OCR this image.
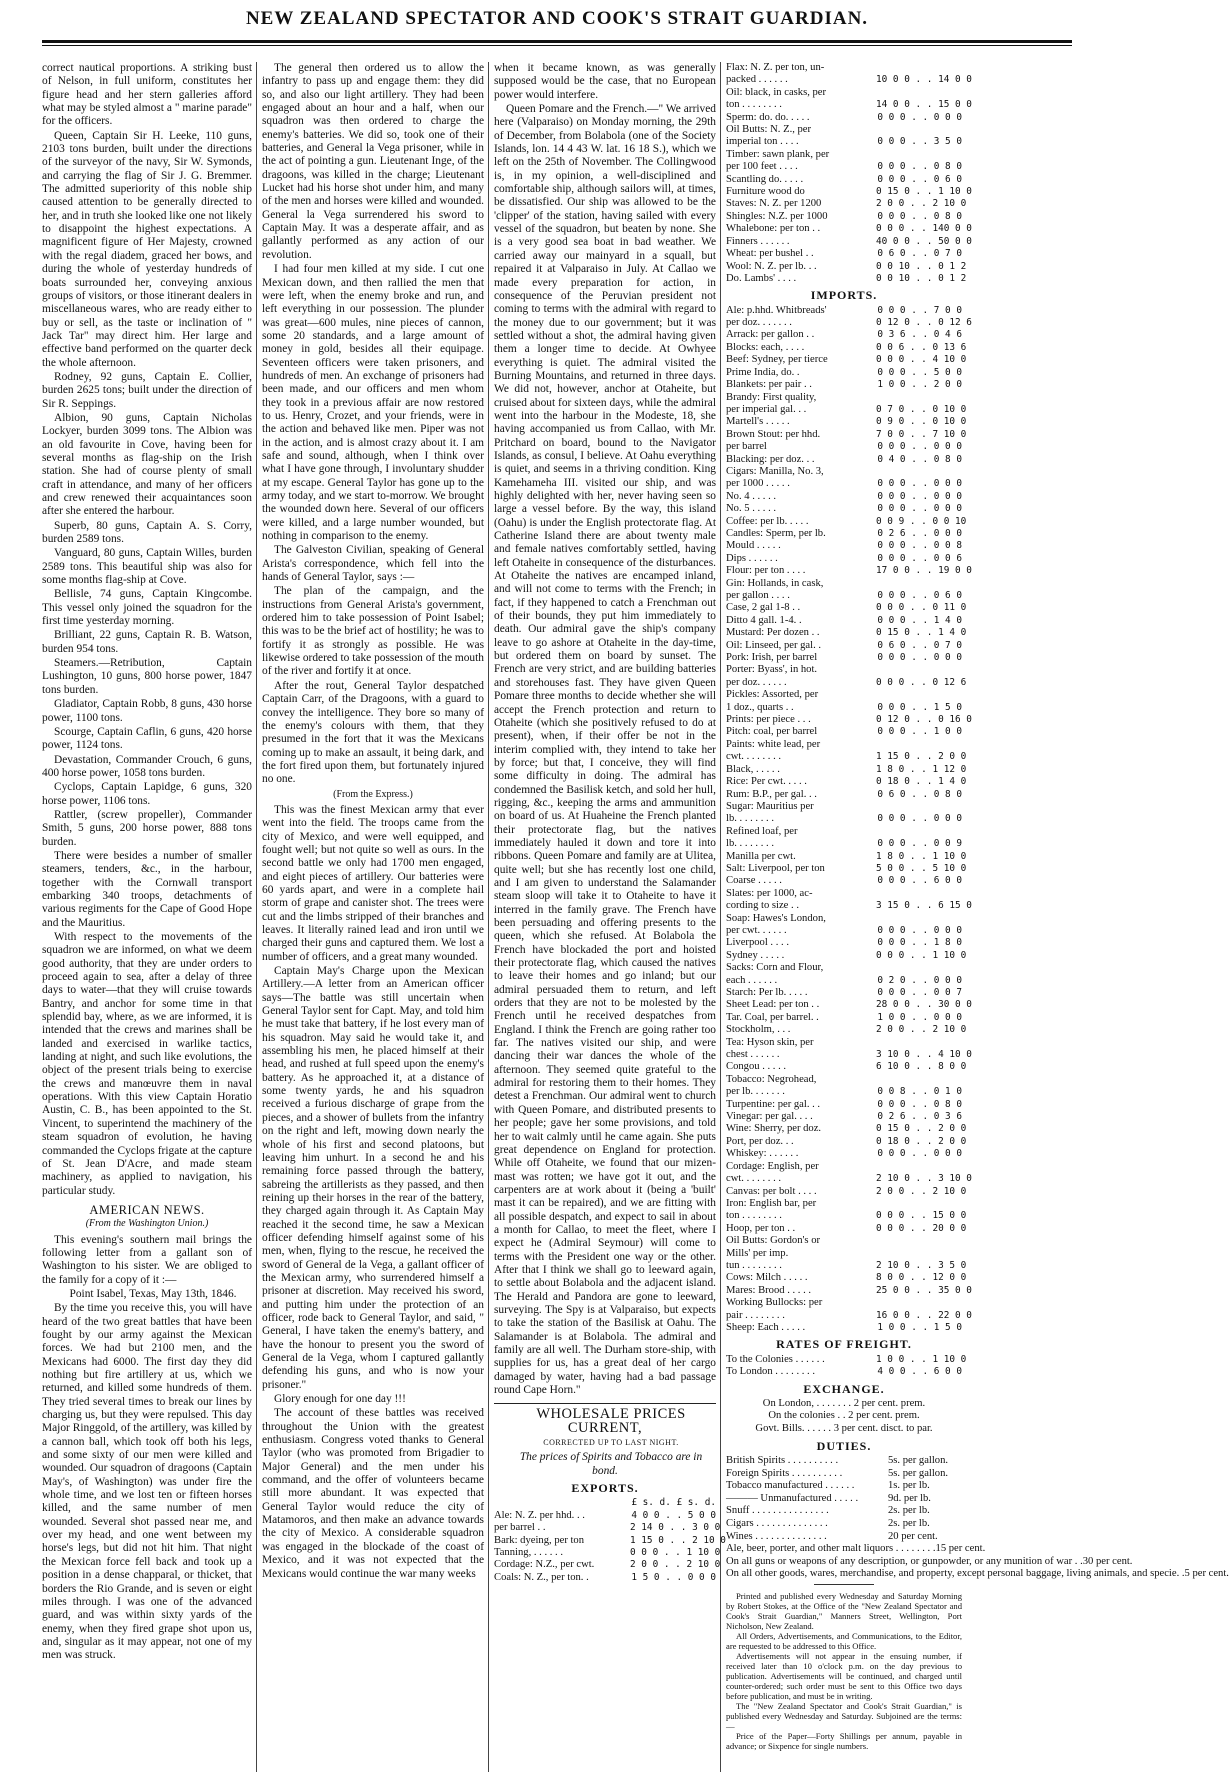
NEW ZEALAND SPECTATOR AND COOK'S STRAIT GUARDIAN.

correct nautical proportions. A striking bust of Nelson, in full uniform, constitutes her figure head and her stern galleries afford what may be styled almost a " marine parade" for the officers.

Queen, Captain Sir H. Leeke, 110 guns, 2103 tons burden, built under the directions of the surveyor of the navy, Sir W. Symonds, and carrying the flag of Sir J. G. Bremmer. The admitted superiority of this noble ship caused attention to be generally directed to her, and in truth she looked like one not likely to disappoint the highest expectations. A magnificent figure of Her Majesty, crowned with the regal diadem, graced her bows, and during the whole of yesterday hundreds of boats surrounded her, conveying anxious groups of visitors, or those itinerant dealers in miscellaneous wares, who are ready either to buy or sell, as the taste or inclination of " Jack Tar" may direct him. Her large and effective band performed on the quarter deck the whole afternoon.

Rodney, 92 guns, Captain E. Collier, burden 2625 tons; built under the direction of Sir R. Seppings.

Albion, 90 guns, Captain Nicholas Lockyer, burden 3099 tons. The Albion was an old favourite in Cove, having been for several months as flag-ship on the Irish station. She had of course plenty of small craft in attendance, and many of her officers and crew renewed their acquaintances soon after she entered the harbour.

Superb, 80 guns, Captain A. S. Corry, burden 2589 tons.

Vanguard, 80 guns, Captain Willes, burden 2589 tons. This beautiful ship was also for some months flag-ship at Cove.

Bellisle, 74 guns, Captain Kingcombe. This vessel only joined the squadron for the first time yesterday morning.

Brilliant, 22 guns, Captain R. B. Watson, burden 954 tons.

Steamers.—Retribution, Captain Lushington, 10 guns, 800 horse power, 1847 tons burden.

Gladiator, Captain Robb, 8 guns, 430 horse power, 1100 tons.

Scourge, Captain Caflin, 6 guns, 420 horse power, 1124 tons.

Devastation, Commander Crouch, 6 guns, 400 horse power, 1058 tons burden.

Cyclops, Captain Lapidge, 6 guns, 320 horse power, 1106 tons.

Rattler, (screw propeller), Commander Smith, 5 guns, 200 horse power, 888 tons burden.

There were besides a number of smaller steamers, tenders, &c., in the harbour, together with the Cornwall transport embarking 340 troops, detachments of various regiments for the Cape of Good Hope and the Mauritius.

With respect to the movements of the squadron we are informed, on what we deem good authority, that they are under orders to proceed again to sea, after a delay of three days to water—that they will cruise towards Bantry, and anchor for some time in that splendid bay, where, as we are informed, it is intended that the crews and marines shall be landed and exercised in warlike tactics, landing at night, and such like evolutions, the object of the present trials being to exercise the crews and manœuvre them in naval operations. With this view Captain Horatio Austin, C. B., has been appointed to the St. Vincent, to superintend the machinery of the steam squadron of evolution, he having commanded the Cyclops frigate at the capture of St. Jean D'Acre, and made steam machinery, as applied to navigation, his particular study.

AMERICAN NEWS.
(From the Washington Union.)

This evening's southern mail brings the following letter from a gallant son of Washington to his sister. We are obliged to the family for a copy of it :—

Point Isabel, Texas, May 13th, 1846.

By the time you receive this, you will have heard of the two great battles that have been fought by our army against the Mexican forces. We had but 2100 men, and the Mexicans had 6000. The first day they did nothing but fire artillery at us, which we returned, and killed some hundreds of them. They tried several times to break our lines by charging us, but they were repulsed. This day Major Ringgold, of the artillery, was killed by a cannon ball, which took off both his legs, and some sixty of our men were killed and wounded. Our squadron of dragoons (Captain May's, of Washington) was under fire the whole time, and we lost ten or fifteen horses killed, and the same number of men wounded. Several shot passed near me, and over my head, and one went between my horse's legs, but did not hit him. That night the Mexican force fell back and took up a position in a dense chapparal, or thicket, that borders the Rio Grande, and is seven or eight miles through. I was one of the advanced guard, and was within sixty yards of the enemy, when they fired grape shot upon us, and, singular as it may appear, not one of my men was struck.

The general then ordered us to allow the infantry to pass up and engage them: they did so, and also our light artillery. They had been engaged about an hour and a half, when our squadron was then ordered to charge the enemy's batteries. We did so, took one of their batteries, and General la Vega prisoner, while in the act of pointing a gun. Lieutenant Inge, of the dragoons, was killed in the charge; Lieutenant Lucket had his horse shot under him, and many of the men and horses were killed and wounded. General la Vega surrendered his sword to Captain May. It was a desperate affair, and as gallantly performed as any action of our revolution.

I had four men killed at my side. I cut one Mexican down, and then rallied the men that were left, when the enemy broke and run, and left everything in our possession. The plunder was great—600 mules, nine pieces of cannon, some 20 standards, and a large amount of money in gold, besides all their equipage. Seventeen officers were taken prisoners, and hundreds of men. An exchange of prisoners had been made, and our officers and men whom they took in a previous affair are now restored to us. Henry, Crozet, and your friends, were in the action and behaved like men. Piper was not in the action, and is almost crazy about it. I am safe and sound, although, when I think over what I have gone through, I involuntary shudder at my escape. General Taylor has gone up to the army today, and we start to-morrow. We brought the wounded down here. Several of our officers were killed, and a large number wounded, but nothing in comparison to the enemy.

The Galveston Civilian, speaking of General Arista's correspondence, which fell into the hands of General Taylor, says :—

The plan of the campaign, and the instructions from General Arista's government, ordered him to take possession of Point Isabel; this was to be the brief act of hostility; he was to fortify it as strongly as possible. He was likewise ordered to take possession of the mouth of the river and fortify it at once.

After the rout, General Taylor despatched Captain Carr, of the Dragoons, with a guard to convey the intelligence. They bore so many of the enemy's colours with them, that they presumed in the fort that it was the Mexicans coming up to make an assault, it being dark, and the fort fired upon them, but fortunately injured no one.

(From the Express.)

This was the finest Mexican army that ever went into the field. The troops came from the city of Mexico, and were well equipped, and fought well; but not quite so well as ours. In the second battle we only had 1700 men engaged, and eight pieces of artillery. Our batteries were 60 yards apart, and were in a complete hail storm of grape and canister shot. The trees were cut and the limbs stripped of their branches and leaves. It literally rained lead and iron until we charged their guns and captured them. We lost a number of officers, and a great many wounded.

Captain May's Charge upon the Mexican Artillery.—A letter from an American officer says—The battle was still uncertain when General Taylor sent for Capt. May, and told him he must take that battery, if he lost every man of his squadron. May said he would take it, and assembling his men, he placed himself at their head, and rushed at full speed upon the enemy's battery. As he approached it, at a distance of some twenty yards, he and his squadron received a furious discharge of grape from the pieces, and a shower of bullets from the infantry on the right and left, mowing down nearly the whole of his first and second platoons, but leaving him unhurt. In a second he and his remaining force passed through the battery, sabreing the artillerists as they passed, and then reining up their horses in the rear of the battery, they charged again through it. As Captain May reached it the second time, he saw a Mexican officer defending himself against some of his men, when, flying to the rescue, he received the sword of General de la Vega, a gallant officer of the Mexican army, who surrendered himself a prisoner at discretion. May received his sword, and putting him under the protection of an officer, rode back to General Taylor, and said, " General, I have taken the enemy's battery, and have the honour to present you the sword of General de la Vega, whom I captured gallantly defending his guns, and who is now your prisoner."

Glory enough for one day !!!

The account of these battles was received throughout the Union with the greatest enthusiasm. Congress voted thanks to General Taylor (who was promoted from Brigadier to Major General) and the men under his command, and the offer of volunteers became still more abundant. It was expected that General Taylor would reduce the city of Matamoros, and then make an advance towards the city of Mexico. A considerable squadron was engaged in the blockade of the coast of Mexico, and it was not expected that the Mexicans would continue the war many weeks

when it became known, as was generally supposed would be the case, that no European power would interfere.

Queen Pomare and the French.—" We arrived here (Valparaiso) on Monday morning, the 29th of December, from Bolabola (one of the Society Islands, lon. 14 4 43 W. lat. 16 18 S.), which we left on the 25th of November. The Collingwood is, in my opinion, a well-disciplined and comfortable ship, although sailors will, at times, be dissatisfied. Our ship was allowed to be the 'clipper' of the station, having sailed with every vessel of the squadron, but beaten by none. She is a very good sea boat in bad weather. We carried away our mainyard in a squall, but repaired it at Valparaiso in July. At Callao we made every preparation for action, in consequence of the Peruvian president not coming to terms with the admiral with regard to the money due to our government; but it was settled without a shot, the admiral having given them a longer time to decide. At Owhyee everything is quiet. The admiral visited the Burning Mountains, and returned in three days. We did not, however, anchor at Otaheite, but cruised about for sixteen days, while the admiral went into the harbour in the Modeste, 18, she having accompanied us from Callao, with Mr. Pritchard on board, bound to the Navigator Islands, as consul, I believe. At Oahu everything is quiet, and seems in a thriving condition. King Kamehameha III. visited our ship, and was highly delighted with her, never having seen so large a vessel before. By the way, this island (Oahu) is under the English protectorate flag. At Catherine Island there are about twenty male and female natives comfortably settled, having left Otaheite in consequence of the disturbances. At Otaheite the natives are encamped inland, and will not come to terms with the French; in fact, if they happened to catch a Frenchman out of their bounds, they put him immediately to death. Our admiral gave the ship's company leave to go ashore at Otaheite in the day-time, but ordered them on board by sunset. The French are very strict, and are building batteries and storehouses fast. They have given Queen Pomare three months to decide whether she will accept the French protection and return to Otaheite (which she positively refused to do at present), when, if their offer be not in the interim complied with, they intend to take her by force; but that, I conceive, they will find some difficulty in doing. The admiral has condemned the Basilisk ketch, and sold her hull, rigging, &c., keeping the arms and ammunition on board of us. At Huaheine the French planted their protectorate flag, but the natives immediately hauled it down and tore it into ribbons. Queen Pomare and family are at Ulitea, quite well; but she has recently lost one child, and I am given to understand the Salamander steam sloop will take it to Otaheite to have it interred in the family grave. The French have been persuading and offering presents to the queen, which she refused. At Bolabola the French have blockaded the port and hoisted their protectorate flag, which caused the natives to leave their homes and go inland; but our admiral persuaded them to return, and left orders that they are not to be molested by the French until he received despatches from England. I think the French are going rather too far. The natives visited our ship, and were dancing their war dances the whole of the afternoon. They seemed quite grateful to the admiral for restoring them to their homes. They detest a Frenchman. Our admiral went to church with Queen Pomare, and distributed presents to her people; gave her some provisions, and told her to wait calmly until he came again. She puts great dependence on England for protection. While off Otaheite, we found that our mizen-mast was rotten; we have got it out, and the carpenters are at work about it (being a 'built' mast it can be repaired), and we are fitting with all possible despatch, and expect to sail in about a month for Callao, to meet the fleet, where I expect he (Admiral Seymour) will come to terms with the President one way or the other. After that I think we shall go to leeward again, to settle about Bolabola and the adjacent island. The Herald and Pandora are gone to leeward, surveying. The Spy is at Valparaiso, but expects to take the station of the Basilisk at Oahu. The Salamander is at Bolabola. The admiral and family are all well. The Durham store-ship, with supplies for us, has a great deal of her cargo damaged by water, having had a bad passage round Cape Horn."

WHOLESALE PRICES CURRENT,

CORRECTED UP TO LAST NIGHT.

The prices of Spirits and Tobacco are in bond.

EXPORTS.
£ s. d. £ s. d.
Ale: N. Z. per hhd. . .	4 0 0 . . 5 0 0
per barrel . .	2 14 0 . . 3 0 0
Bark: dyeing, per ton	1 15 0 . . 2 10 0
Tanning, . . . . . .	0 0 0 . . 1 10 0
Cordage: N.Z., per cwt.	2 0 0 . . 2 10 0
Coals: N. Z., per ton. .	1 5 0 . . 0 0 0
Flax: N. Z. per ton, un-
packed . . . . . .	10 0 0 . . 14 0 0
Oil: black, in casks, per
ton . . . . . . . .	14 0 0 . . 15 0 0
Sperm: do. do. . . . .	0 0 0 . . 0 0 0
Oil Butts: N. Z., per
imperial ton . . . .	0 0 0 . . 3 5 0
Timber: sawn plank, per
per 100 feet . . . .	0 0 0 . . 0 8 0
Scantling do. . . . .	0 0 0 . . 0 6 0
Furniture wood do	0 15 0 . . 1 10 0
Staves: N. Z. per 1200	2 0 0 . . 2 10 0
Shingles: N.Z. per 1000	0 0 0 . . 0 8 0
Whalebone: per ton . .	0 0 0 . . 140 0 0
Finners . . . . . .	40 0 0 . . 50 0 0
Wheat: per bushel . .	0 6 0 . . 0 7 0
Wool: N. Z. per lb. . .	0 0 10 . . 0 1 2
Do. Lambs' . . . .	0 0 10 . . 0 1 2
IMPORTS.
Ale: p.hhd. Whitbreads'	0 0 0 . . 7 0 0
per doz. . . . . . .	0 12 0 . . 0 12 6
Arrack: per gallon . .	0 3 6 . . 0 4 6
Blocks: each, . . . .	0 0 6 . . 0 13 6
Beef: Sydney, per tierce	0 0 0 . . 4 10 0
Prime India, do. .	0 0 0 . . 5 0 0
Blankets: per pair . .	1 0 0 . . 2 0 0
Brandy: First quality,
per imperial gal. . .	0 7 0 . . 0 10 0
Martell's . . . . .	0 9 0 . . 0 10 0
Brown Stout: per hhd.	7 0 0 . . 7 10 0
per barrel	0 0 0 . . 0 0 0
Blacking: per doz. . .	0 4 0 . . 0 8 0
Cigars: Manilla, No. 3,
per 1000 . . . . .	0 0 0 . . 0 0 0
No. 4 . . . . .	0 0 0 . . 0 0 0
No. 5 . . . . .	0 0 0 . . 0 0 0
Coffee: per lb. . . . .	0 0 9 . . 0 0 10
Candles: Sperm, per lb.	0 2 6 . . 0 0 0
Mould . . . . .	0 0 0 . . 0 0 8
Dips . . . . . .	0 0 0 . . 0 0 6
Flour: per ton . . . .	17 0 0 . . 19 0 0
Gin: Hollands, in cask,
per gallon . . . .	0 0 0 . . 0 6 0
Case, 2 gal 1-8 . .	0 0 0 . . 0 11 0
Ditto 4 gall. 1-4. .	0 0 0 . . 1 4 0
Mustard: Per dozen . .	0 15 0 . . 1 4 0
Oil: Linseed, per gal. .	0 6 0 . . 0 7 0
Pork: Irish, per barrel	0 0 0 . . 0 0 0
Porter: Byass', in hot.
per doz. . . . . .	0 0 0 . . 0 12 6
Pickles: Assorted, per
1 doz., quarts . .	0 0 0 . . 1 5 0
Prints: per piece . . .	0 12 0 . . 0 16 0
Pitch: coal, per barrel	0 0 0 . . 1 0 0
Paints: white lead, per
cwt. . . . . . . .	1 15 0 . . 2 0 0
Black, . . . . .	1 8 0 . . 1 12 0
Rice: Per cwt. . . . .	0 18 0 . . 1 4 0
Rum: B.P., per gal. . .	0 6 0 . . 0 8 0
Sugar: Mauritius per
lb. . . . . . . .	0 0 0 . . 0 0 0
Refined loaf, per
lb. . . . . . . .	0 0 0 . . 0 0 9
Manilla per cwt.	1 8 0 . . 1 10 0
Salt: Liverpool, per ton	5 0 0 . . 5 10 0
Coarse . . . . .	0 0 0 . . 6 0 0
Slates: per 1000, ac-
cording to size . .	3 15 0 . . 6 15 0
Soap: Hawes's London,
per cwt. . . . . .	0 0 0 . . 0 0 0
Liverpool . . . .	0 0 0 . . 1 8 0
Sydney . . . . .	0 0 0 . . 1 10 0
Sacks: Corn and Flour,
each . . . . . .	0 2 0 . . 0 0 0
Starch: Per lb. . . . .	0 0 0 . . 0 0 7
Sheet Lead: per ton . .	28 0 0 . . 30 0 0
Tar. Coal, per barrel. .	1 0 0 . . 0 0 0
Stockholm, . . .	2 0 0 . . 2 10 0
Tea: Hyson skin, per
chest . . . . . .	3 10 0 . . 4 10 0
Congou . . . . .	6 10 0 . . 8 0 0
Tobacco: Negrohead,
per lb. . . . . . .	0 0 8 . . 0 1 0
Turpentine: per gal. . .	0 0 0 . . 0 8 0
Vinegar: per gal. . . .	0 2 6 . . 0 3 6
Wine: Sherry, per doz.	0 15 0 . . 2 0 0
Port, per doz. . .	0 18 0 . . 2 0 0
Whiskey: . . . . . .	0 0 0 . . 0 0 0
Cordage: English, per
cwt. . . . . . . .	2 10 0 . . 3 10 0
Canvas: per bolt . . . .	2 0 0 . . 2 10 0
Iron: English bar, per
ton . . . . . . . .	0 0 0 . . 15 0 0
Hoop, per ton . .	0 0 0 . . 20 0 0
Oil Butts: Gordon's or
Mills' per imp.
tun . . . . . . . .	2 10 0 . . 3 5 0
Cows: Milch . . . . .	8 0 0 . . 12 0 0
Mares: Brood . . . . .	25 0 0 . . 35 0 0
Working Bullocks: per
pair . . . . . . . .	16 0 0 . . 22 0 0
Sheep: Each . . . . .	1 0 0 . . 1 5 0
RATES OF FREIGHT.
To the Colonies . . . . . .	1 0 0 . . 1 10 0
To London . . . . . . . .	4 0 0 . . 6 0 0
EXCHANGE.
On London, . . . . . . . 2 per cent. prem.
On the colonies . . 2 per cent. prem.
Govt. Bills. . . . . . 3 per cent. disct. to par.
DUTIES.
British Spirits . . . . . . . . . .	5s. per gallon.
Foreign Spirits . . . . . . . . . .	5s. per gallon.
Tobacco manufactured . . . . . .	1s. per lb.
——— Unmanufactured . . . . .	9d. per lb.
Snuff . . . . . . . . . . . . . . .	2s. per lb.
Cigars . . . . . . . . . . . . . .	2s. per lb.
Wines . . . . . . . . . . . . . .	20 per cent.
Ale, beer, porter, and other malt liquors . . . . . . . . 15 per cent.
On all guns or weapons of any description, or gunpowder, or any munition of war . . 30 per cent.
On all other goods, wares, merchandise, and property, except personal baggage, living animals, and specie. . 5 per cent.

Printed and published every Wednesday and Saturday Morning by Robert Stokes, at the Office of the "New Zealand Spectator and Cook's Strait Guardian," Manners Street, Wellington, Port Nicholson, New Zealand.

All Orders, Advertisements, and Communications, to the Editor, are requested to be addressed to this Office.

Advertisements will not appear in the ensuing number, if received later than 10 o'clock p.m. on the day previous to publication. Advertisements will be continued, and charged until counter-ordered; such order must be sent to this Office two days before publication, and must be in writing.

The "New Zealand Spectator and Cook's Strait Guardian," is published every Wednesday and Saturday. Subjoined are the terms:—

Price of the Paper—Forty Shillings per annum, payable in advance; or Sixpence for single numbers.
